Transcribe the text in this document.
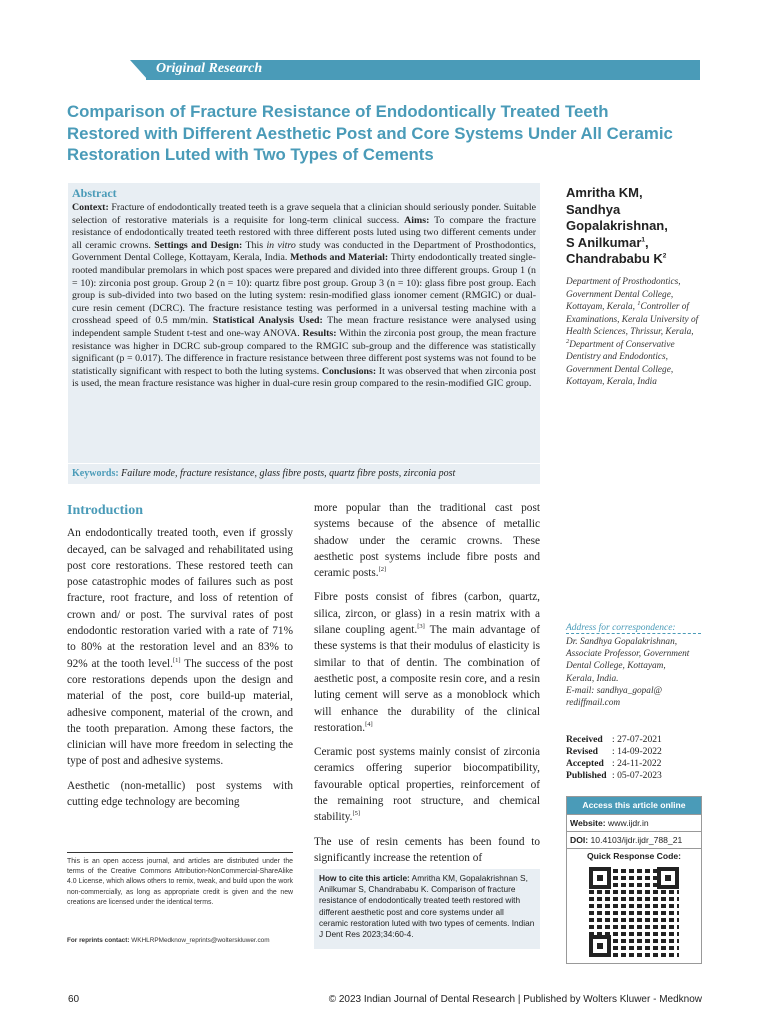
Original Research
Comparison of Fracture Resistance of Endodontically Treated Teeth Restored with Different Aesthetic Post and Core Systems Under All Ceramic Restoration Luted with Two Types of Cements
Abstract

Context: Fracture of endodontically treated teeth is a grave sequela that a clinician should seriously ponder. Suitable selection of restorative materials is a requisite for long-term clinical success. Aims: To compare the fracture resistance of endodontically treated teeth restored with three different posts luted using two different cements under all ceramic crowns. Settings and Design: This in vitro study was conducted in the Department of Prosthodontics, Government Dental College, Kottayam, Kerala, India. Methods and Material: Thirty endodontically treated single-rooted mandibular premolars in which post spaces were prepared and divided into three different groups. Group 1 (n = 10): zirconia post group. Group 2 (n = 10): quartz fibre post group. Group 3 (n = 10): glass fibre post group. Each group is sub-divided into two based on the luting system: resin-modified glass ionomer cement (RMGIC) or dual-cure resin cement (DCRC). The fracture resistance testing was performed in a universal testing machine with a crosshead speed of 0.5 mm/min. Statistical Analysis Used: The mean fracture resistance were analysed using independent sample Student t-test and one-way ANOVA. Results: Within the zirconia post group, the mean fracture resistance was higher in DCRC sub-group compared to the RMGIC sub-group and the difference was statistically significant (p = 0.017). The difference in fracture resistance between three different post systems was not found to be statistically significant with respect to both the luting systems. Conclusions: It was observed that when zirconia post is used, the mean fracture resistance was higher in dual-cure resin group compared to the resin-modified GIC group.

Keywords: Failure mode, fracture resistance, glass fibre posts, quartz fibre posts, zirconia post
Amritha KM,
Sandhya
Gopalakrishnan,
S Anilkumar$^1$,
Chandrababu $K^2$
Department of Prosthodontics, Government Dental College, Kottayam, Kerala, $^1$Controller of Examinations, Kerala University of Health Sciences, Thrissur, Kerala, $^2$Department of Conservative Dentistry and Endodontics, Government Dental College, Kottayam, Kerala, India
Address for correspondence:
Dr. Sandhya Gopalakrishnan,
Associate Professor, Government Dental College, Kottayam,
Kerala, India.
E-mail: sandhya_gopal@
rediffmail.com
Received	: 27-07-2021
Revised	: 14-09-2022
Accepted	: 24-11-2022
Published	: 05-07-2023
Access this article online
Website: www.ijdr.in
DOI: 10.4103/ijdr.ijdr_788_21
Quick Response Code:
Introduction

An endodontically treated tooth, even if grossly decayed, can be salvaged and rehabilitated using post core restorations. These restored teeth can pose catastrophic modes of failures such as post fracture, root fracture, and loss of retention of crown and/ or post. The survival rates of post endodontic restoration varied with a rate of 71% to 80% at the restoration level and an 83% to 92% at the tooth level.[1] The success of the post core restorations depends upon the design and material of the post, core build-up material, adhesive component, material of the crown, and the tooth preparation. Among these factors, the clinician will have more freedom in selecting the type of post and adhesive systems.

Aesthetic (non-metallic) post systems with cutting edge technology are becoming

more popular than the traditional cast post systems because of the absence of metallic shadow under the ceramic crowns. These aesthetic post systems include fibre posts and ceramic posts.[2]

Fibre posts consist of fibres (carbon, quartz, silica, zircon, or glass) in a resin matrix with a silane coupling agent.[3] The main advantage of these systems is that their modulus of elasticity is similar to that of dentin. The combination of aesthetic post, a composite resin core, and a resin luting cement will serve as a monoblock which will enhance the durability of the clinical restoration.[4]

Ceramic post systems mainly consist of zirconia ceramics offering superior biocompatibility, favourable optical properties, reinforcement of the remaining root structure, and chemical stability.[5]

The use of resin cements has been found to significantly increase the retention of

This is an open access journal, and articles are distributed under the terms of the Creative Commons Attribution-NonCommercial-ShareAlike 4.0 License, which allows others to remix, tweak, and build upon the work non-commercially, as long as appropriate credit is given and the new creations are licensed under the identical terms.
For reprints contact: WKHLRPMedknow_reprints@wolterskluwer.com
How to cite this article: Amritha KM, Gopalakrishnan S, Anilkumar S, Chandrababu K. Comparison of fracture resistance of endodontically treated teeth restored with different aesthetic post and core systems under all ceramic restoration luted with two types of cements. Indian J Dent Res 2023;34:60-4.
60	© 2023 Indian Journal of Dental Research | Published by Wolters Kluwer - Medknow
